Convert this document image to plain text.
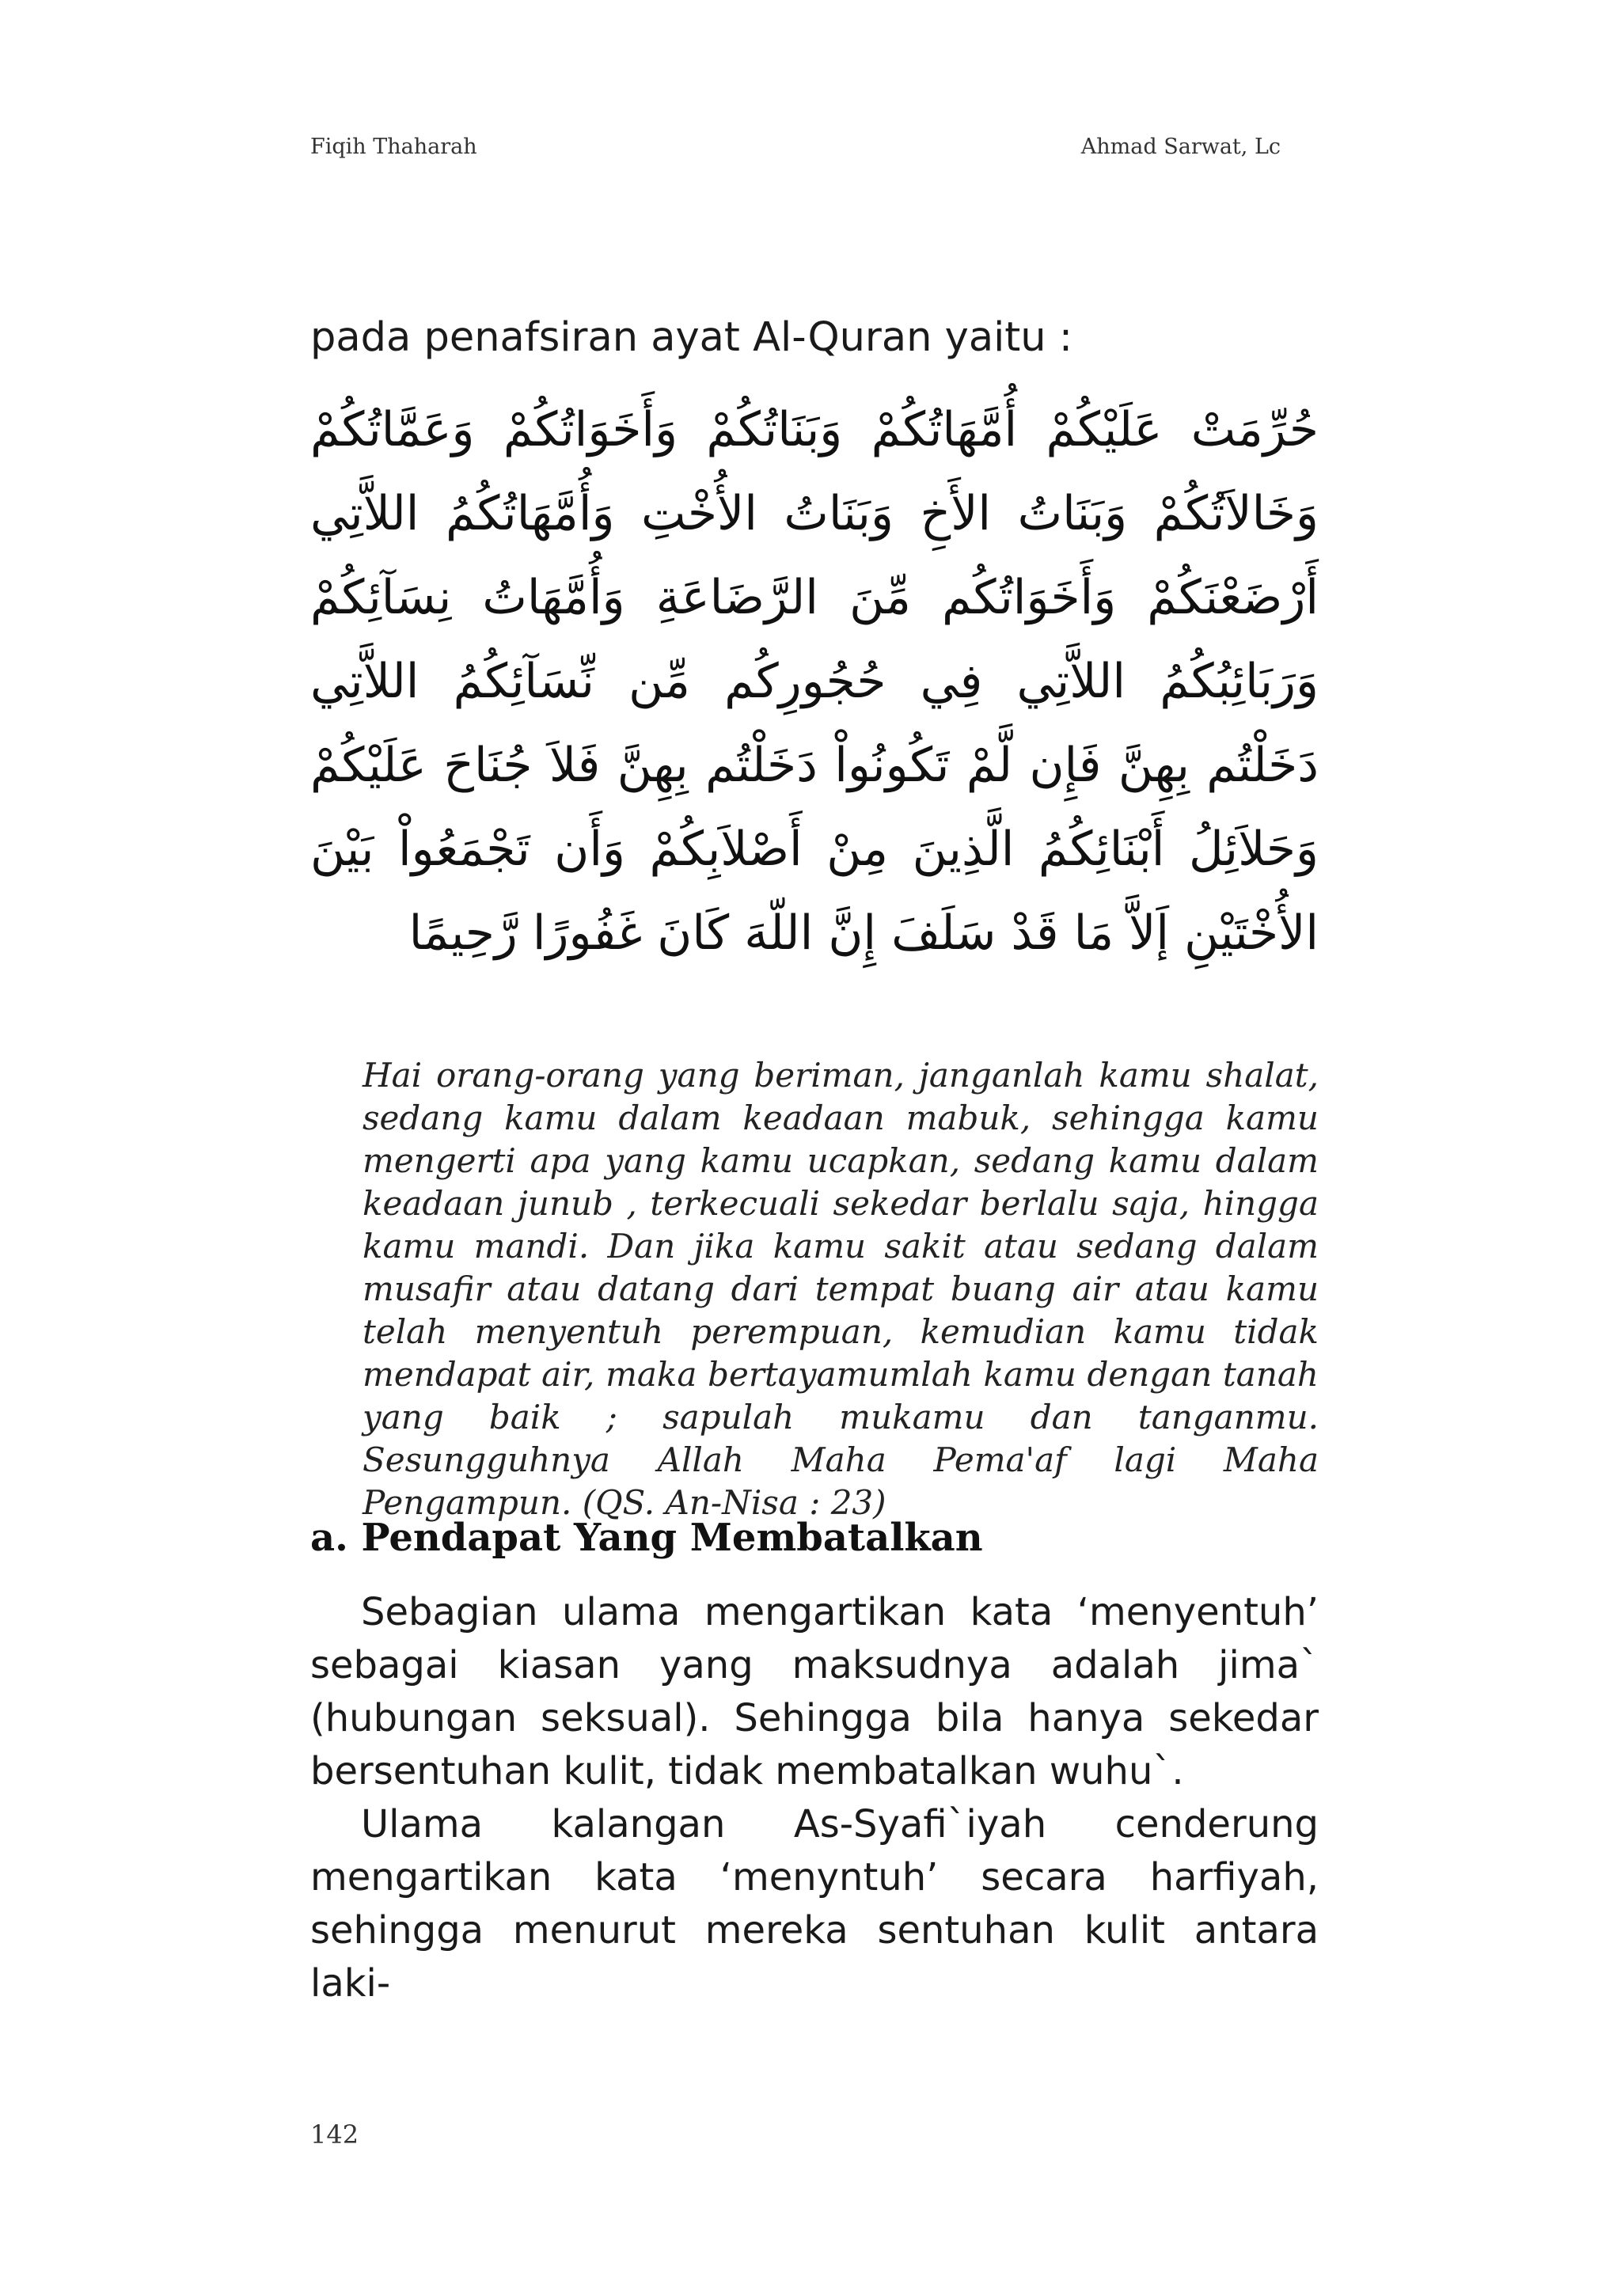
Fiqih Thaharah	Ahmad Sarwat, Lc
pada penafsiran ayat Al-Quran yaitu :
حُرِّمَتْ عَلَيْكُمْ أُمَّهَاتُكُمْ وَبَنَاتُكُمْ وَأَخَوَاتُكُمْ وَعَمَّاتُكُمْ وَخَالاَتُكُمْ وَبَنَاتُ الأَخِ وَبَنَاتُ الأُخْتِ وَأُمَّهَاتُكُمُ اللاَّتِي أَرْضَعْنَكُمْ وَأَخَوَاتُكُم مِّنَ الرَّضَاعَةِ وَأُمَّهَاتُ نِسَآئِكُمْ وَرَبَائِبُكُمُ اللاَّتِي فِي حُجُورِكُم مِّن نِّسَآئِكُمُ اللاَّتِي دَخَلْتُم بِهِنَّ فَإِن لَّمْ تَكُونُواْ دَخَلْتُم بِهِنَّ فَلاَ جُنَاحَ عَلَيْكُمْ وَحَلاَئِلُ أَبْنَائِكُمُ الَّذِينَ مِنْ أَصْلاَبِكُمْ وَأَن تَجْمَعُواْ بَيْنَ الأُخْتَيْنِ إَلاَّ مَا قَدْ سَلَفَ إِنَّ اللّهَ كَانَ غَفُورًا رَّحِيمًا
Hai orang-orang yang beriman, janganlah kamu shalat, sedang kamu dalam keadaan mabuk, sehingga kamu mengerti apa yang kamu ucapkan, sedang kamu dalam keadaan junub , terkecuali sekedar berlalu saja, hingga kamu mandi. Dan jika kamu sakit atau sedang dalam musafir atau datang dari tempat buang air atau kamu telah menyentuh perempuan, kemudian kamu tidak mendapat air, maka bertayamumlah kamu dengan tanah yang baik ; sapulah mukamu dan tanganmu. Sesungguhnya Allah Maha Pema'af lagi Maha Pengampun. (QS. An-Nisa : 23)
a. Pendapat Yang Membatalkan

Sebagian ulama mengartikan kata ‘menyentuh’ sebagai kiasan yang maksudnya adalah jima` (hubungan seksual). Sehingga bila hanya sekedar bersentuhan kulit, tidak membatalkan wuhu`.

Ulama kalangan As-Syafi`iyah cenderung mengartikan kata ‘menyntuh’ secara harfiyah, sehingga menurut mereka sentuhan kulit antara laki-

142
